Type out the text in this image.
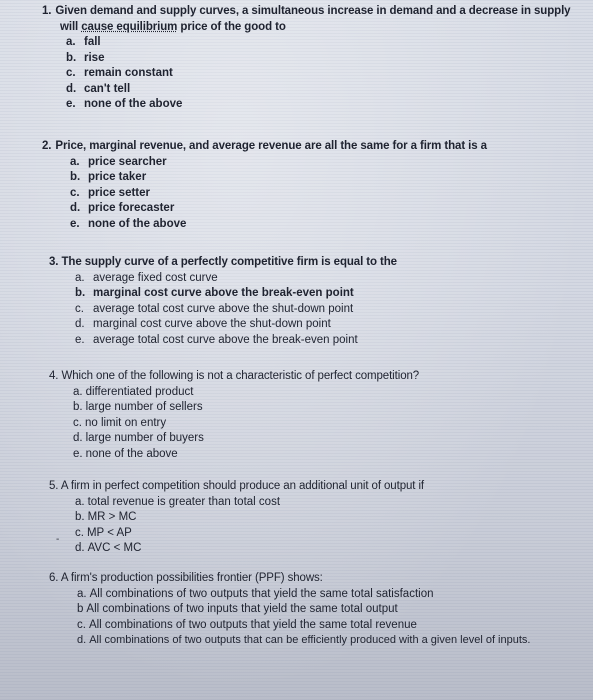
1. Given demand and supply curves, a simultaneous increase in demand and a decrease in supply
will cause equilibrium price of the good to
a. fall
b. rise
c. remain constant
d. can't tell
e. none of the above
2. Price, marginal revenue, and average revenue are all the same for a firm that is a
a. price searcher
b. price taker
c. price setter
d. price forecaster
e. none of the above
3. The supply curve of a perfectly competitive firm is equal to the
a. average fixed cost curve
b. marginal cost curve above the break-even point
c. average total cost curve above the shut-down point
d. marginal cost curve above the shut-down point
e. average total cost curve above the break-even point
4. Which one of the following is not a characteristic of perfect competition?
a. differentiated product
b. large number of sellers
c. no limit on entry
d. large number of buyers
e. none of the above
5. A firm in perfect competition should produce an additional unit of output if
a. total revenue is greater than total cost
b. MR > MC
c. MP < AP
d. AVC < MC
-
6. A firm's production possibilities frontier (PPF) shows:
a. All combinations of two outputs that yield the same total satisfaction
b All combinations of two inputs that yield the same total output
c. All combinations of two outputs that yield the same total revenue
d. All combinations of two outputs that can be efficiently produced with a given level of inputs.
